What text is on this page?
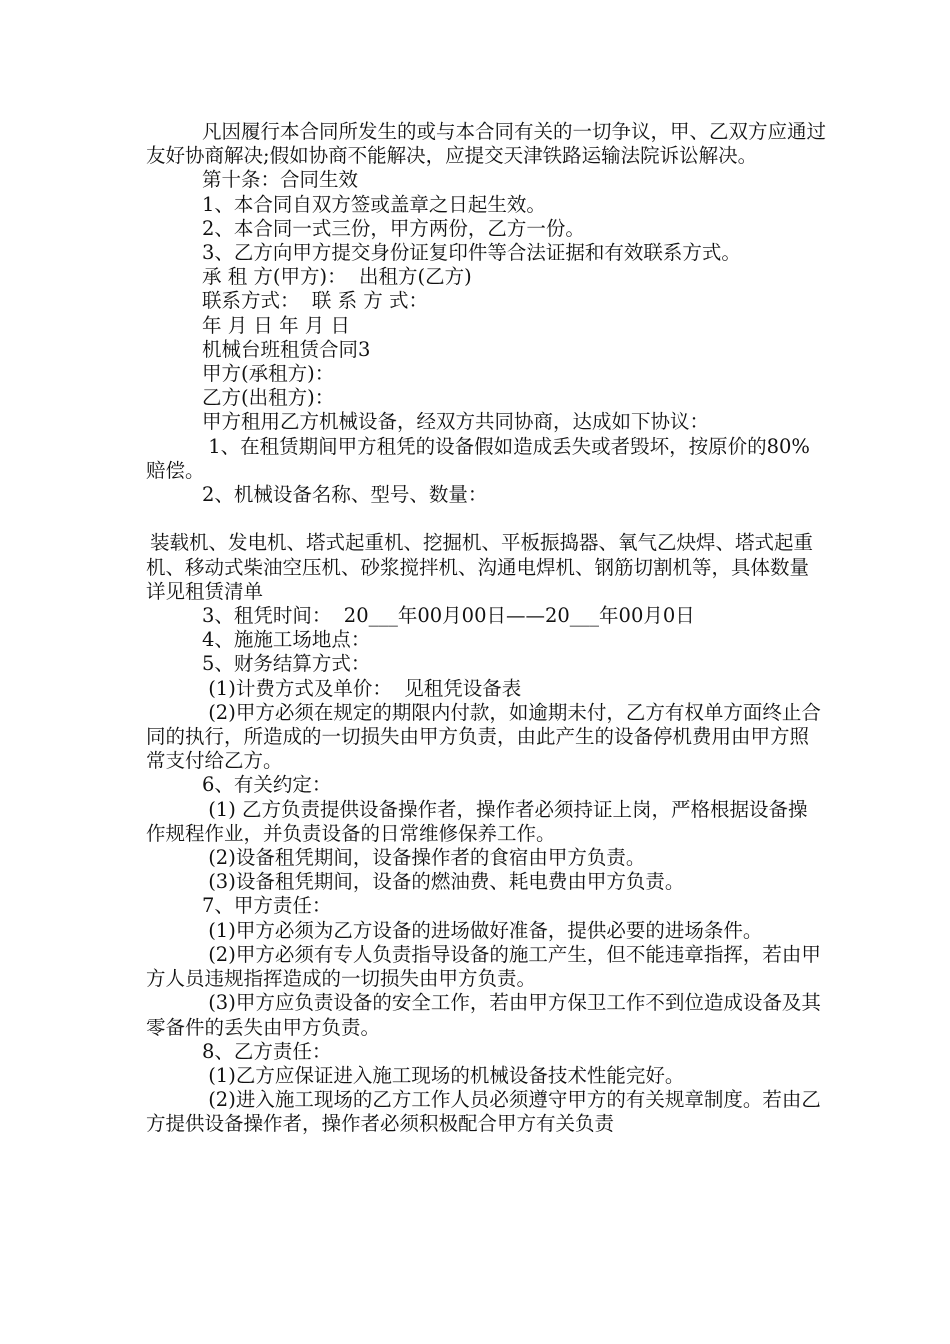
凡因履行本合同所发生的或与本合同有关的一切争议，甲、乙双方应通过友好协商解决;假如协商不能解决，应提交天津铁路运输法院诉讼解决。

第十条：合同生效

1、本合同自双方签或盖章之日起生效。

2、本合同一式三份，甲方两份，乙方一份。

3、乙方向甲方提交身份证复印件等合法证据和有效联系方式。

承 租 方(甲方)：  出租方(乙方)

联系方式：  联 系 方 式：

年 月 日 年 月 日

机械台班租赁合同3

甲方(承租方)：

乙方(出租方)：

甲方租用乙方机械设备，经双方共同协商，达成如下协议：

1、在租赁期间甲方租凭的设备假如造成丢失或者毁坏，按原价的80%赔偿。

2、机械设备名称、型号、数量：

装载机、发电机、塔式起重机、挖掘机、平板振捣器、氧气乙炔焊、塔式起重机、移动式柴油空压机、砂浆搅拌机、沟通电焊机、钢筋切割机等，具体数量详见租赁清单

3、租凭时间：  20___年00月00日——20___年00月0日

4、施施工场地点：

5、财务结算方式：

(1)计费方式及单价：  见租凭设备表

(2)甲方必须在规定的期限内付款，如逾期未付，乙方有权单方面终止合同的执行，所造成的一切损失由甲方负责，由此产生的设备停机费用由甲方照常支付给乙方。

6、有关约定：

(1) 乙方负责提供设备操作者，操作者必须持证上岗，严格根据设备操作规程作业，并负责设备的日常维修保养工作。

(2)设备租凭期间，设备操作者的食宿由甲方负责。

(3)设备租凭期间，设备的燃油费、耗电费由甲方负责。

7、甲方责任：

(1)甲方必须为乙方设备的进场做好准备，提供必要的进场条件。

(2)甲方必须有专人负责指导设备的施工产生，但不能违章指挥，若由甲方人员违规指挥造成的一切损失由甲方负责。

(3)甲方应负责设备的安全工作，若由甲方保卫工作不到位造成设备及其零备件的丢失由甲方负责。

8、乙方责任：

(1)乙方应保证进入施工现场的机械设备技术性能完好。

(2)进入施工现场的乙方工作人员必须遵守甲方的有关规章制度。若由乙方提供设备操作者，操作者必须积极配合甲方有关负责
